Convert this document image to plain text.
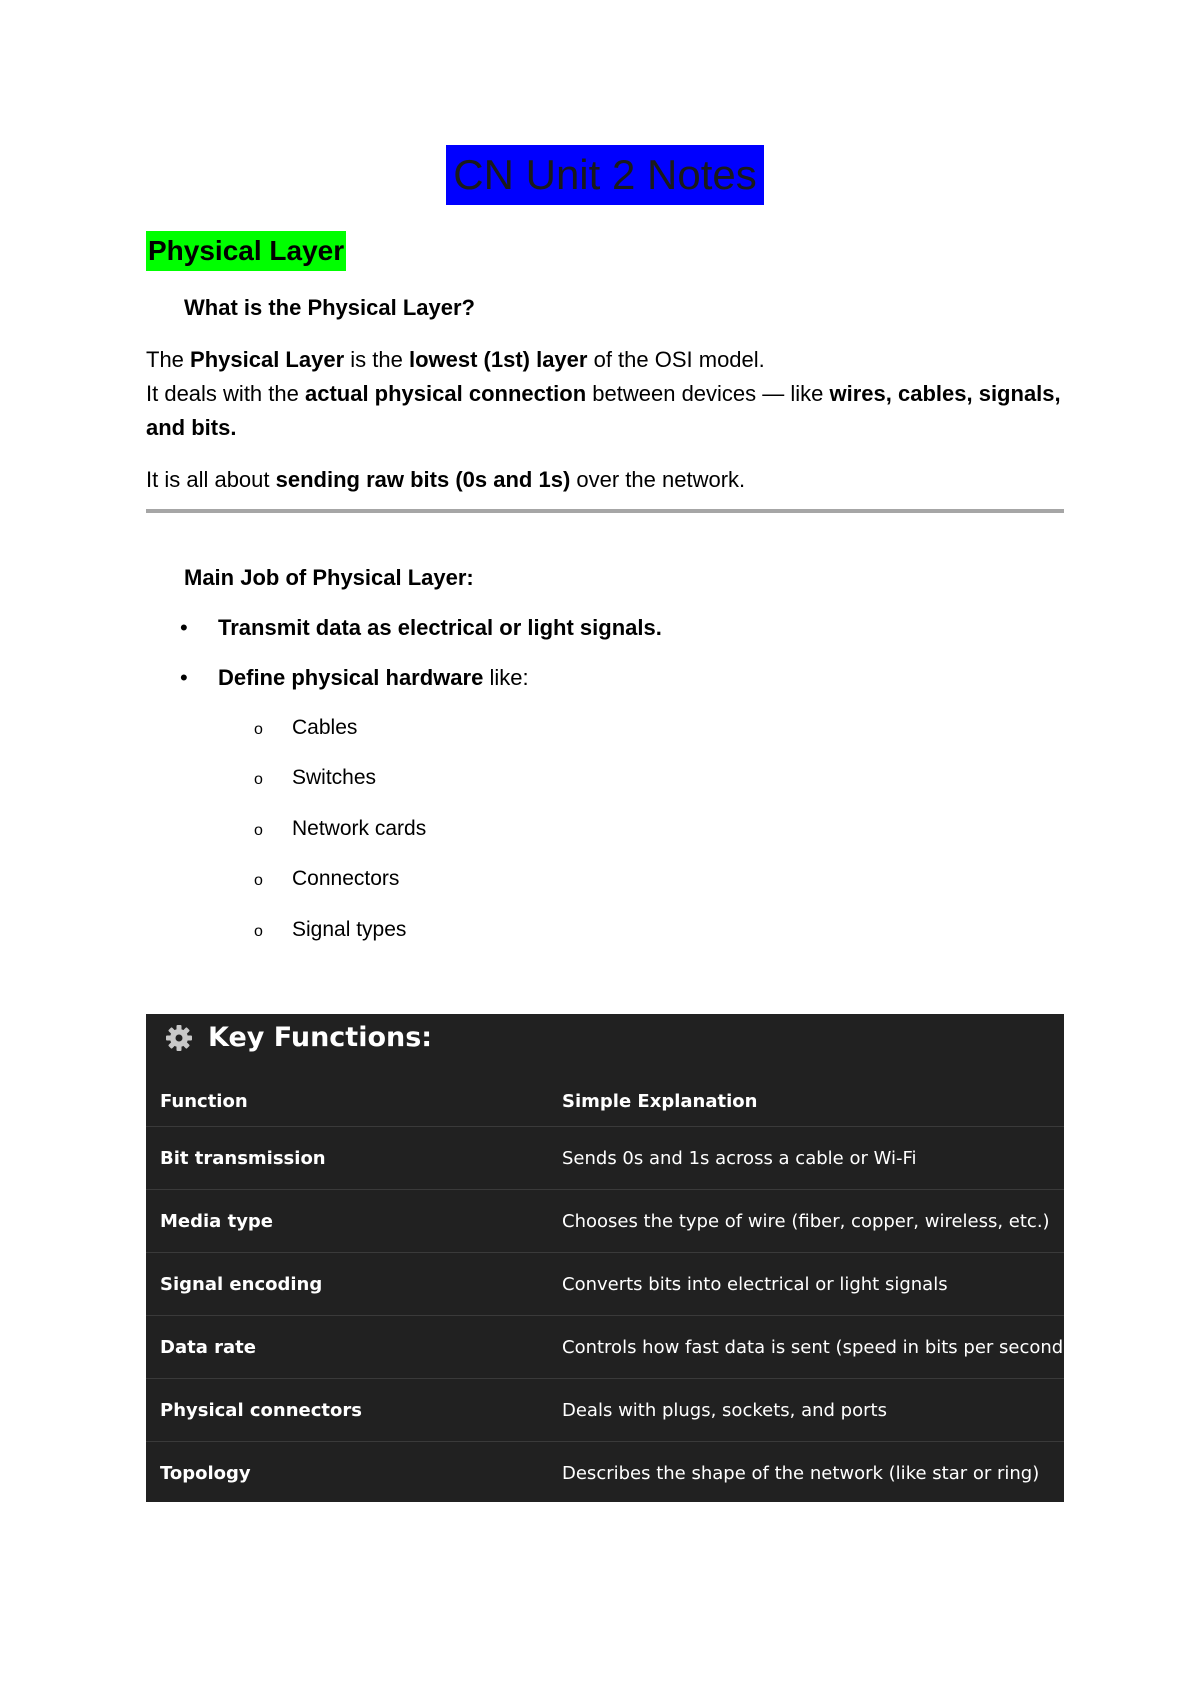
CN Unit 2 Notes
Physical Layer
What is the Physical Layer?
The Physical Layer is the lowest (1st) layer of the OSI model.
It deals with the actual physical connection between devices — like wires, cables, signals, and bits.
It is all about sending raw bits (0s and 1s) over the network.
Main Job of Physical Layer:
• Transmit data as electrical or light signals.
• Define physical hardware like:
o Cables
o Switches
o Network cards
o Connectors
o Signal types
Key Functions:
Function	Simple Explanation
Bit transmission	Sends 0s and 1s across a cable or Wi-Fi
Media type	Chooses the type of wire (fiber, copper, wireless, etc.)
Signal encoding	Converts bits into electrical or light signals
Data rate	Controls how fast data is sent (speed in bits per second)
Physical connectors	Deals with plugs, sockets, and ports
Topology	Describes the shape of the network (like star or ring)
